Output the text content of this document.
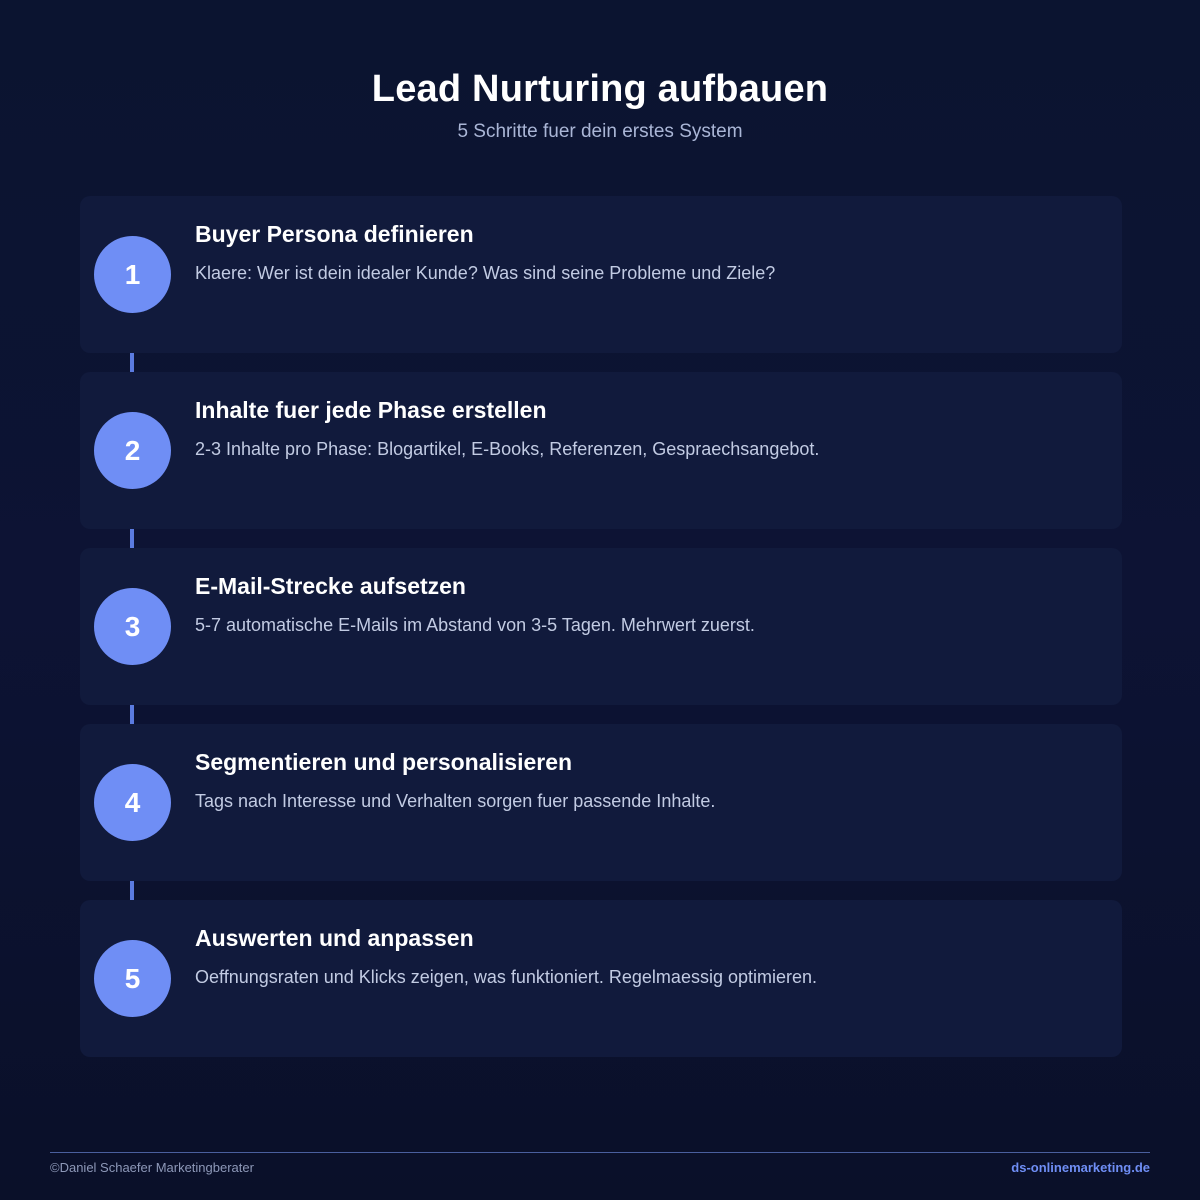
Lead Nurturing aufbauen
5 Schritte fuer dein erstes System
1
Buyer Persona definieren
Klaere: Wer ist dein idealer Kunde? Was sind seine Probleme und Ziele?
2
Inhalte fuer jede Phase erstellen
2-3 Inhalte pro Phase: Blogartikel, E-Books, Referenzen, Gespraechsangebot.
3
E-Mail-Strecke aufsetzen
5-7 automatische E-Mails im Abstand von 3-5 Tagen. Mehrwert zuerst.
4
Segmentieren und personalisieren
Tags nach Interesse und Verhalten sorgen fuer passende Inhalte.
5
Auswerten und anpassen
Oeffnungsraten und Klicks zeigen, was funktioniert. Regelmaessig optimieren.
©Daniel Schaefer Marketingberater	ds-onlinemarketing.de
